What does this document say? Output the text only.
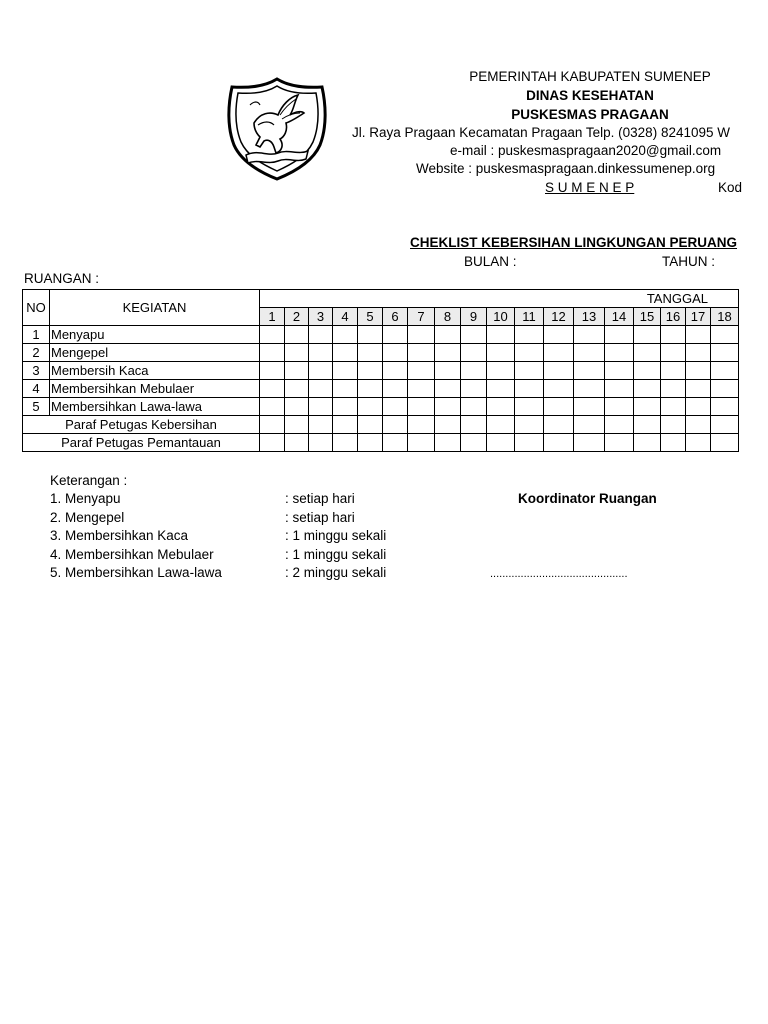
PEMERINTAH KABUPATEN SUMENEP
DINAS KESEHATAN
PUSKESMAS PRAGAAN
Jl. Raya Pragaan Kecamatan Pragaan Telp. (0328) 8241095 W
e-mail : puskesmaspragaan2020@gmail.com
Website : puskesmaspragaan.dinkessumenep.org
S U M E N E P	Kod
CHEKLIST KEBERSIHAN LINGKUNGAN PERUANG
BULAN :	TAHUN :
RUANGAN :
NO	KEGIATAN	TANGGAL																	
		1	2	3	4	5	6	7	8	9	10	11	12	13	14	15	16	17	18
1	Menyapu																		
2	Mengepel																		
3	Membersih Kaca																		
4	Membersihkan Mebulaer																		
5	Membersihkan Lawa-lawa																		
Paraf Petugas Kebersihan																			
Paraf Petugas Pemantauan																			
Keterangan :
1. Menyapu	: setiap hari
2. Mengepel	: setiap hari
3. Membersihkan Kaca	: 1 minggu sekali
4. Membersihkan Mebulaer	: 1 minggu sekali
5. Membersihkan Lawa-lawa	: 2 minggu sekali
Koordinator Ruangan
.............................................
